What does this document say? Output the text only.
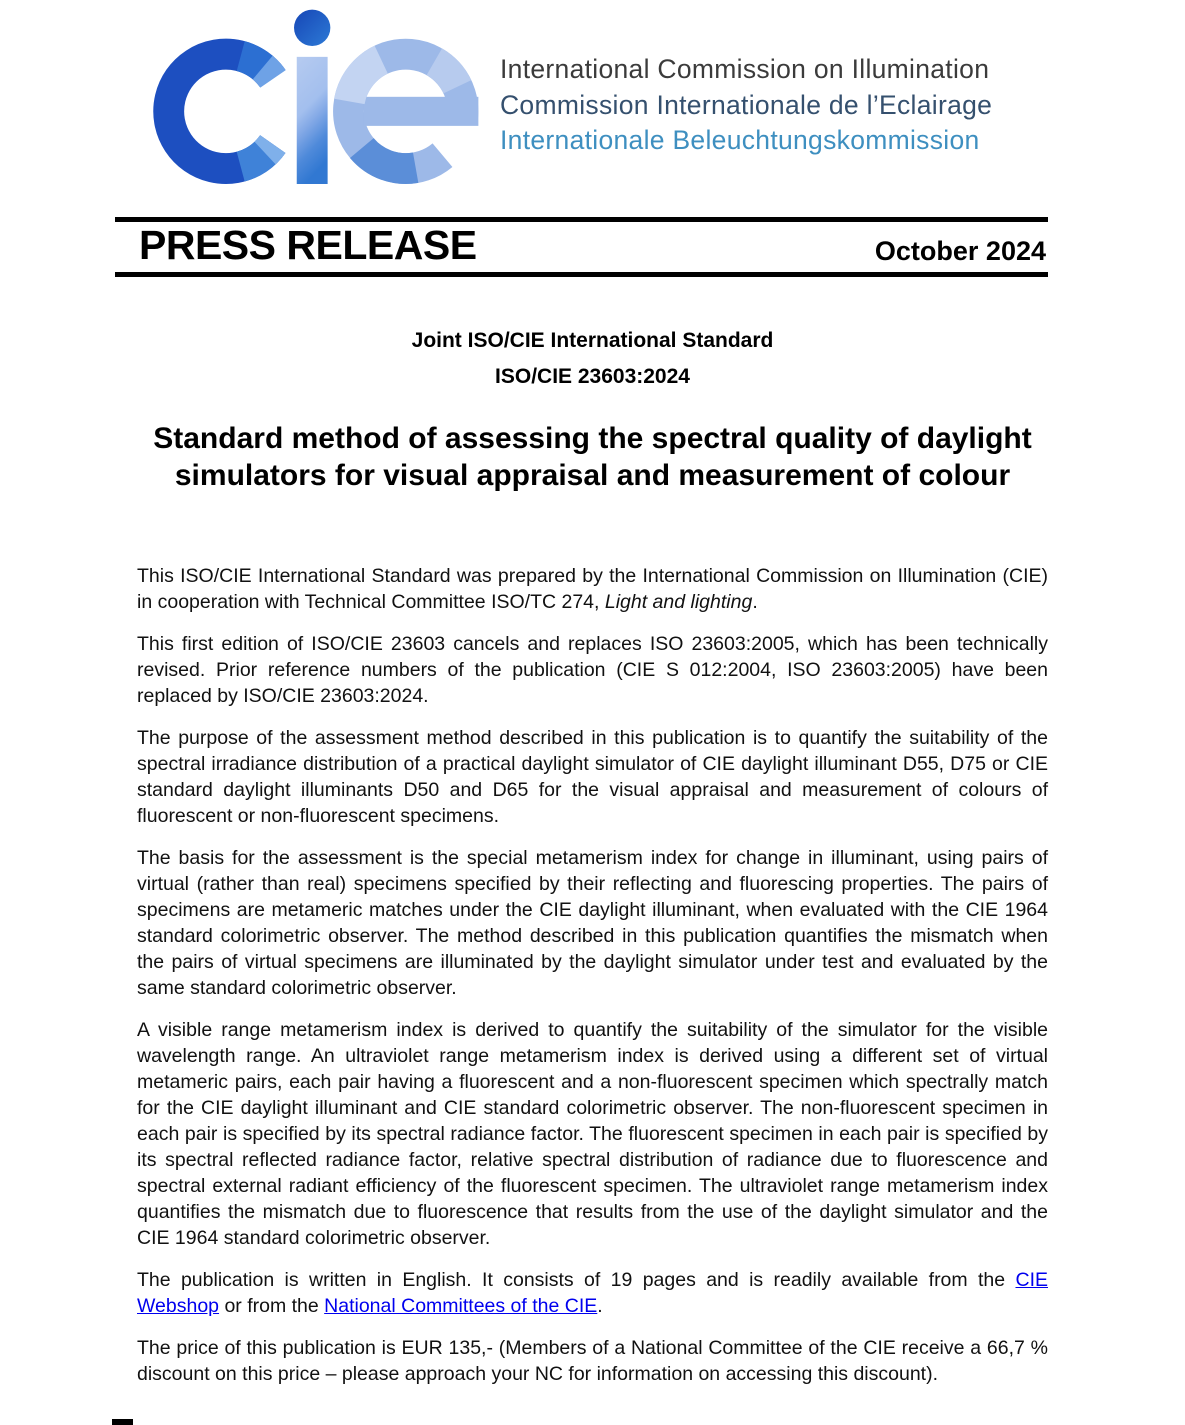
International Commission on Illumination
Commission Internationale de l’Eclairage
Internationale Beleuchtungskommission
PRESS RELEASE	October 2024
Joint ISO/CIE International Standard
ISO/CIE 23603:2024
Standard method of assessing the spectral quality of daylight simulators for visual appraisal and measurement of colour

This ISO/CIE International Standard was prepared by the International Commission on Illumination (CIE) in cooperation with Technical Committee ISO/TC 274, Light and lighting.

This first edition of ISO/CIE 23603 cancels and replaces ISO 23603:2005, which has been technically revised. Prior reference numbers of the publication (CIE S 012:2004, ISO 23603:2005) have been replaced by ISO/CIE 23603:2024.

The purpose of the assessment method described in this publication is to quantify the suitability of the spectral irradiance distribution of a practical daylight simulator of CIE daylight illuminant D55, D75 or CIE standard daylight illuminants D50 and D65 for the visual appraisal and measurement of colours of fluorescent or non-fluorescent specimens.

The basis for the assessment is the special metamerism index for change in illuminant, using pairs of virtual (rather than real) specimens specified by their reflecting and fluorescing properties. The pairs of specimens are metameric matches under the CIE daylight illuminant, when evaluated with the CIE 1964 standard colorimetric observer. The method described in this publication quantifies the mismatch when the pairs of virtual specimens are illuminated by the daylight simulator under test and evaluated by the same standard colorimetric observer.

A visible range metamerism index is derived to quantify the suitability of the simulator for the visible wavelength range. An ultraviolet range metamerism index is derived using a different set of virtual metameric pairs, each pair having a fluorescent and a non-fluorescent specimen which spectrally match for the CIE daylight illuminant and CIE standard colorimetric observer. The non-fluorescent specimen in each pair is specified by its spectral radiance factor. The fluorescent specimen in each pair is specified by its spectral reflected radiance factor, relative spectral distribution of radiance due to fluorescence and spectral external radiant efficiency of the fluorescent specimen. The ultraviolet range metamerism index quantifies the mismatch due to fluorescence that results from the use of the daylight simulator and the CIE 1964 standard colorimetric observer.

The publication is written in English. It consists of 19 pages and is readily available from the CIE Webshop or from the National Committees of the CIE.

The price of this publication is EUR 135,- (Members of a National Committee of the CIE receive a 66,7 % discount on this price – please approach your NC for information on accessing this discount).
